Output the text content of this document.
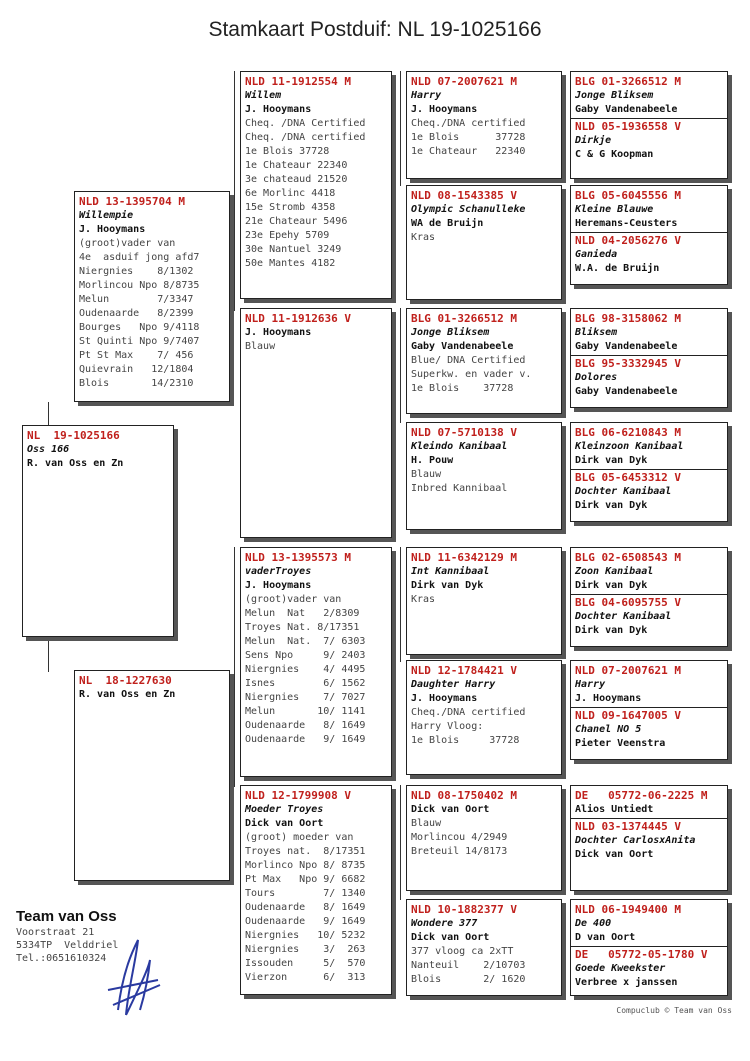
Stamkaart Postduif: NL 19-1025166
NL  19-1025166
Oss 166
R. van Oss en Zn
NLD 13-1395704 M
Willempie
J. Hooymans
(groot)vader van
4e  asduif jong afd7
Niergnies    8/1302
Morlincou Npo 8/8735
Melun        7/3347
Oudenaarde   8/2399
Bourges   Npo 9/4118
St Quinti Npo 9/7407
Pt St Max    7/ 456
Quievrain   12/1804
Blois       14/2310
NL  18-1227630
R. van Oss en Zn
NLD 11-1912554 M
Willem
J. Hooymans
Cheq. /DNA Certified
Cheq. /DNA certified
1e Blois 37728
1e Chateaur 22340
3e chateaud 21520
6e Morlinc 4418
15e Stromb 4358
21e Chateaur 5496
23e Epehy 5709
30e Nantuel 3249
50e Mantes 4182
NLD 11-1912636 V
J. Hooymans
Blauw
NLD 13-1395573 M
vaderTroyes
J. Hooymans
(groot)vader van
Melun  Nat   2/8309
Troyes Nat. 8/17351
Melun  Nat.  7/ 6303
Sens Npo     9/ 2403
Niergnies    4/ 4495
Isnes        6/ 1562
Niergnies    7/ 7027
Melun       10/ 1141
Oudenaarde   8/ 1649
Oudenaarde   9/ 1649
NLD 12-1799908 V
Moeder Troyes
Dick van Oort
(groot) moeder van
Troyes nat.  8/17351
Morlinco Npo 8/ 8735
Pt Max   Npo 9/ 6682
Tours        7/ 1340
Oudenaarde   8/ 1649
Oudenaarde   9/ 1649
Niergnies   10/ 5232
Niergnies    3/  263
Issouden     5/  570
Vierzon      6/  313
NLD 07-2007621 M
Harry
J. Hooymans
Cheq./DNA certified
1e Blois      37728
1e Chateaur   22340
NLD 08-1543385 V
Olympic Schanulleke
WA de Bruijn
Kras
BLG 01-3266512 M
Jonge Bliksem
Gaby Vandenabeele
Blue/ DNA Certified
Superkw. en vader v.
1e Blois    37728
NLD 07-5710138 V
Kleindo Kanibaal
H. Pouw
Blauw
Inbred Kannibaal
NLD 11-6342129 M
Int Kannibaal
Dirk van Dyk
Kras
NLD 12-1784421 V
Daughter Harry
J. Hooymans
Cheq./DNA certified
Harry Vloog:
1e Blois     37728
NLD 08-1750402 M
Dick van Oort
Blauw
Morlincou 4/2949
Breteuil 14/8173
NLD 10-1882377 V
Wondere 377
Dick van Oort
377 vloog ca 2xTT
Nanteuil    2/10703
Blois       2/ 1620
BLG 01-3266512 M
Jonge Bliksem
Gaby Vandenabeele
NLD 05-1936558 V
Dirkje
C & G Koopman
BLG 05-6045556 M
Kleine Blauwe
Heremans-Ceusters
NLD 04-2056276 V
Ganieda
W.A. de Bruijn
BLG 98-3158062 M
Bliksem
Gaby Vandenabeele
BLG 95-3332945 V
Dolores
Gaby Vandenabeele
BLG 06-6210843 M
Kleinzoon Kanibaal
Dirk van Dyk
BLG 05-6453312 V
Dochter Kanibaal
Dirk van Dyk
BLG 02-6508543 M
Zoon Kanibaal
Dirk van Dyk
BLG 04-6095755 V
Dochter Kanibaal
Dirk van Dyk
NLD 07-2007621 M
Harry
J. Hooymans
NLD 09-1647005 V
Chanel NO 5
Pieter Veenstra
DE   05772-06-2225 M
Alios Untiedt
NLD 03-1374445 V
Dochter CarlosxAnita
Dick van Oort
NLD 06-1949400 M
De 400
D van Oort
DE   05772-05-1780 V
Goede Kweekster
Verbree x janssen
Team van Oss
Voorstraat 21
5334TP  Velddriel
Tel.:0651610324
Compuclub © Team van Oss
